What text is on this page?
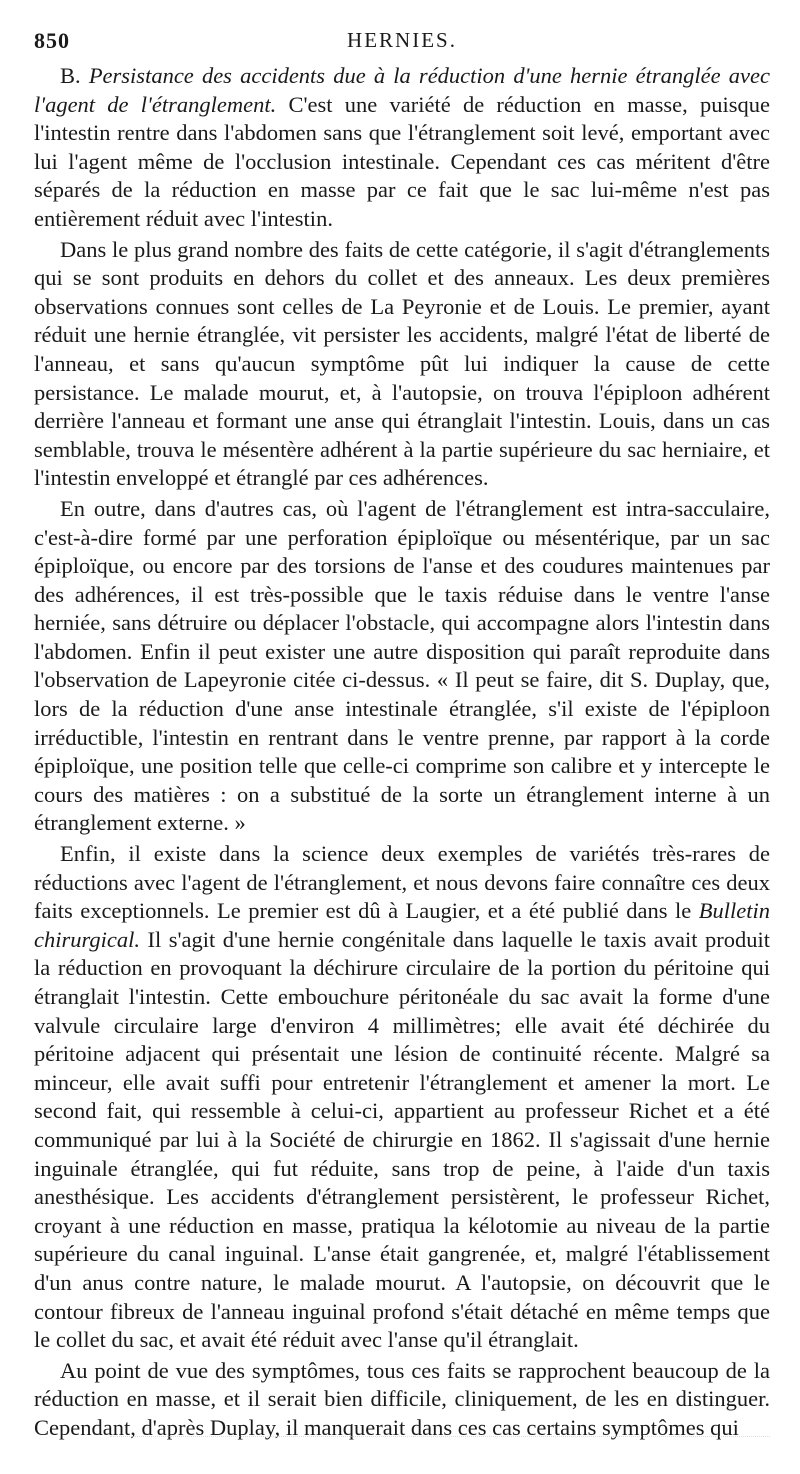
850	HERNIES.

B. Persistance des accidents due à la réduction d'une hernie étranglée avec l'agent de l'étranglement. C'est une variété de réduction en masse, puisque l'intestin rentre dans l'abdomen sans que l'étranglement soit levé, emportant avec lui l'agent même de l'occlusion intestinale. Cependant ces cas méritent d'être séparés de la réduction en masse par ce fait que le sac lui-même n'est pas entièrement réduit avec l'intestin.

Dans le plus grand nombre des faits de cette catégorie, il s'agit d'étranglements qui se sont produits en dehors du collet et des anneaux. Les deux premières observations connues sont celles de La Peyronie et de Louis. Le premier, ayant réduit une hernie étranglée, vit persister les accidents, malgré l'état de liberté de l'anneau, et sans qu'aucun symptôme pût lui indiquer la cause de cette persistance. Le malade mourut, et, à l'autopsie, on trouva l'épiploon adhérent derrière l'anneau et formant une anse qui étranglait l'intestin. Louis, dans un cas semblable, trouva le mésentère adhérent à la partie supérieure du sac herniaire, et l'intestin enveloppé et étranglé par ces adhérences.

En outre, dans d'autres cas, où l'agent de l'étranglement est intra-sacculaire, c'est-à-dire formé par une perforation épiploïque ou mésentérique, par un sac épiploïque, ou encore par des torsions de l'anse et des coudures maintenues par des adhérences, il est très-possible que le taxis réduise dans le ventre l'anse herniée, sans détruire ou déplacer l'obstacle, qui accompagne alors l'intestin dans l'abdomen. Enfin il peut exister une autre disposition qui paraît reproduite dans l'observation de Lapeyronie citée ci-dessus. « Il peut se faire, dit S. Duplay, que, lors de la réduction d'une anse intestinale étranglée, s'il existe de l'épiploon irréductible, l'intestin en rentrant dans le ventre prenne, par rapport à la corde épiploïque, une position telle que celle-ci comprime son calibre et y intercepte le cours des matières : on a substitué de la sorte un étranglement interne à un étranglement externe. »

Enfin, il existe dans la science deux exemples de variétés très-rares de réductions avec l'agent de l'étranglement, et nous devons faire connaître ces deux faits exceptionnels. Le premier est dû à Laugier, et a été publié dans le Bulletin chirurgical. Il s'agit d'une hernie congénitale dans laquelle le taxis avait produit la réduction en provoquant la déchirure circulaire de la portion du péritoine qui étranglait l'intestin. Cette embouchure péritonéale du sac avait la forme d'une valvule circulaire large d'environ 4 millimètres; elle avait été déchirée du péritoine adjacent qui présentait une lésion de continuité récente. Malgré sa minceur, elle avait suffi pour entretenir l'étranglement et amener la mort. Le second fait, qui ressemble à celui-ci, appartient au professeur Richet et a été communiqué par lui à la Société de chirurgie en 1862. Il s'agissait d'une hernie inguinale étranglée, qui fut réduite, sans trop de peine, à l'aide d'un taxis anesthésique. Les accidents d'étranglement persistèrent, le professeur Richet, croyant à une réduction en masse, pratiqua la kélotomie au niveau de la partie supérieure du canal inguinal. L'anse était gangrenée, et, malgré l'établissement d'un anus contre nature, le malade mourut. A l'autopsie, on découvrit que le contour fibreux de l'anneau inguinal profond s'était détaché en même temps que le collet du sac, et avait été réduit avec l'anse qu'il étranglait.

Au point de vue des symptômes, tous ces faits se rapprochent beaucoup de la réduction en masse, et il serait bien difficile, cliniquement, de les en distinguer. Cependant, d'après Duplay, il manquerait dans ces cas certains symptômes qui
